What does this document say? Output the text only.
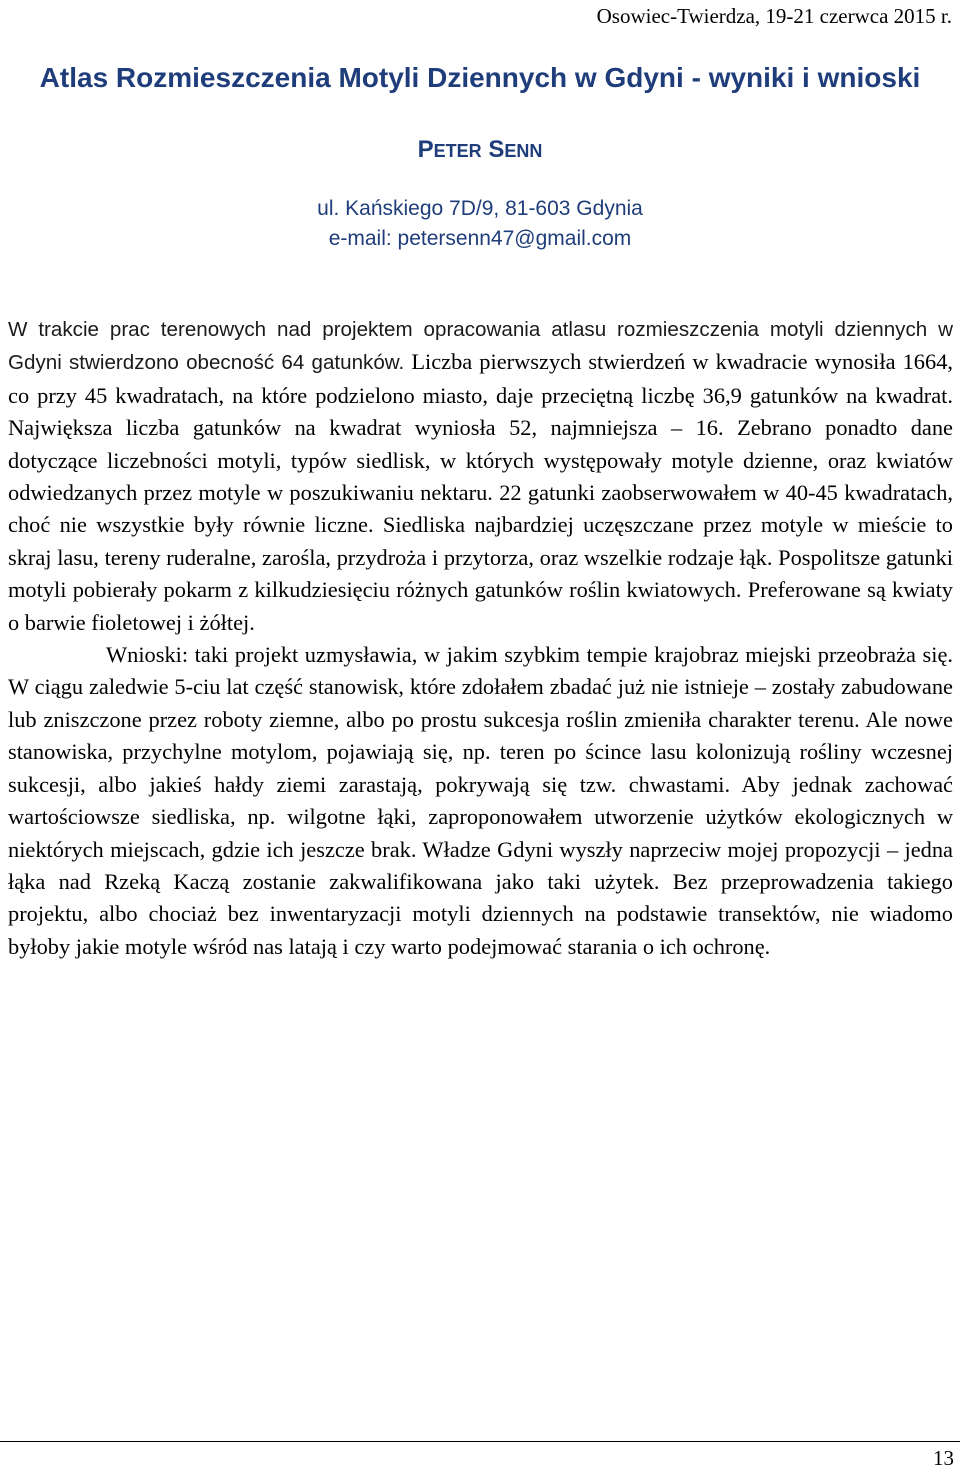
Osowiec-Twierdza, 19-21 czerwca 2015 r.
Atlas Rozmieszczenia Motyli Dziennych w Gdyni - wyniki i wnioski
PETER SENN
ul. Kańskiego 7D/9, 81-603 Gdynia
e-mail: petersenn47@gmail.com

W trakcie prac terenowych nad projektem opracowania atlasu rozmieszczenia motyli dziennych w Gdyni stwierdzono obecność 64 gatunków. Liczba pierwszych stwierdzeń w kwadracie wynosiła 1664, co przy 45 kwadratach, na które podzielono miasto, daje przeciętną liczbę 36,9 gatunków na kwadrat. Największa liczba gatunków na kwadrat wyniosła 52, najmniejsza – 16. Zebrano ponadto dane dotyczące liczebności motyli, typów siedlisk, w których występowały motyle dzienne, oraz kwiatów odwiedzanych przez motyle w poszukiwaniu nektaru. 22 gatunki zaobserwowałem w 40-45 kwadratach, choć nie wszystkie były równie liczne. Siedliska najbardziej uczęszczane przez motyle w mieście to skraj lasu, tereny ruderalne, zarośla, przydroża i przytorza, oraz wszelkie rodzaje łąk. Pospolitsze gatunki motyli pobierały pokarm z kilkudziesięciu różnych gatunków roślin kwiatowych. Preferowane są kwiaty o barwie fioletowej i żółtej.

Wnioski: taki projekt uzmysławia, w jakim szybkim tempie krajobraz miejski przeobraża się. W ciągu zaledwie 5-ciu lat część stanowisk, które zdołałem zbadać już nie istnieje – zostały zabudowane lub zniszczone przez roboty ziemne, albo po prostu sukcesja roślin zmieniła charakter terenu. Ale nowe stanowiska, przychylne motylom, pojawiają się, np. teren po ścince lasu kolonizują rośliny wczesnej sukcesji, albo jakieś hałdy ziemi zarastają, pokrywają się tzw. chwastami. Aby jednak zachować wartościowsze siedliska, np. wilgotne łąki, zaproponowałem utworzenie użytków ekologicznych w niektórych miejscach, gdzie ich jeszcze brak. Władze Gdyni wyszły naprzeciw mojej propozycji – jedna łąka nad Rzeką Kaczą zostanie zakwalifikowana jako taki użytek. Bez przeprowadzenia takiego projektu, albo chociaż bez inwentaryzacji motyli dziennych na podstawie transektów, nie wiadomo byłoby jakie motyle wśród nas latają i czy warto podejmować starania o ich ochronę.

13
